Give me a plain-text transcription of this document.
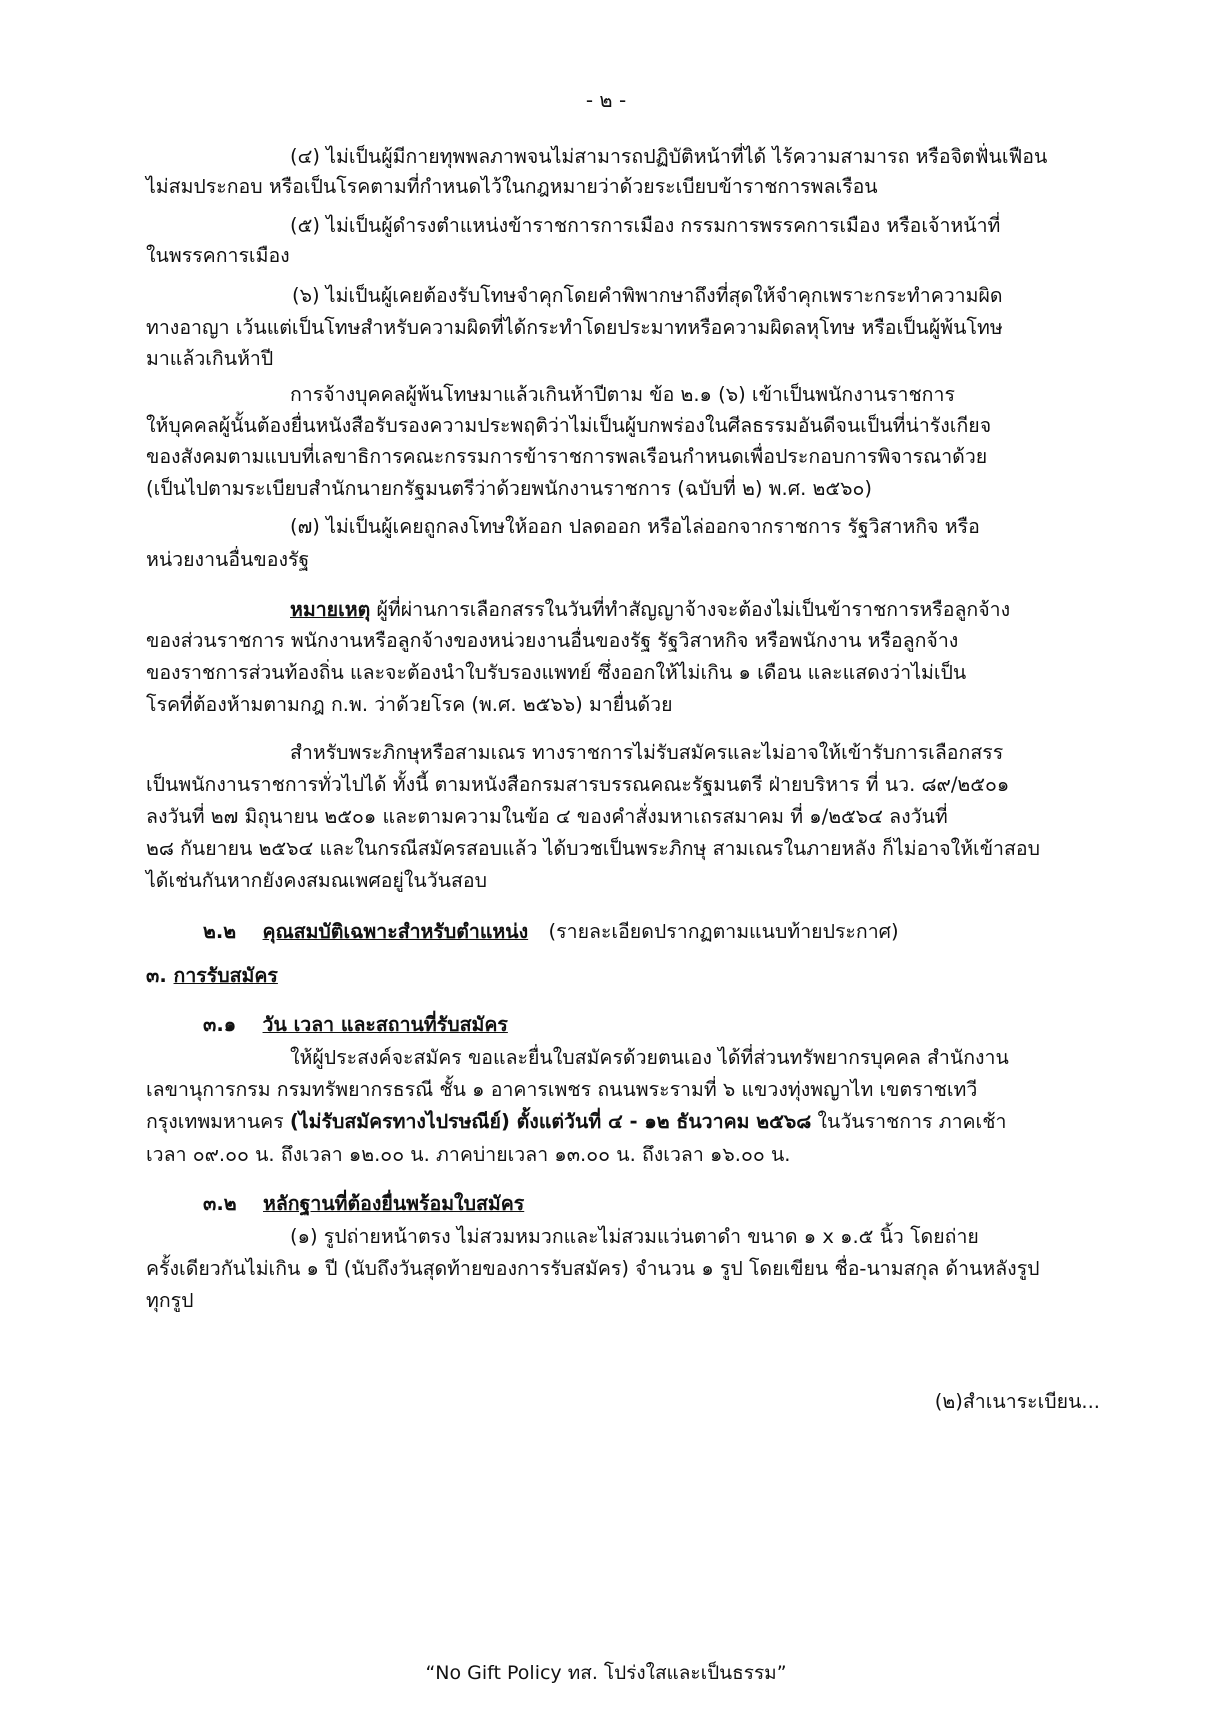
- ๒ -
(๔) ไม่เป็นผู้มีกายทุพพลภาพจนไม่สามารถปฏิบัติหน้าที่ได้ ไร้ความสามารถ หรือจิตฟั่นเฟือน
ไม่สมประกอบ หรือเป็นโรคตามที่กำหนดไว้ในกฎหมายว่าด้วยระเบียบข้าราชการพลเรือน
(๕) ไม่เป็นผู้ดำรงตำแหน่งข้าราชการการเมือง กรรมการพรรคการเมือง หรือเจ้าหน้าที่
ในพรรคการเมือง
(๖) ไม่เป็นผู้เคยต้องรับโทษจำคุกโดยคำพิพากษาถึงที่สุดให้จำคุกเพราะกระทำความผิด
ทางอาญา เว้นแต่เป็นโทษสำหรับความผิดที่ได้กระทำโดยประมาทหรือความผิดลหุโทษ หรือเป็นผู้พ้นโทษ
มาแล้วเกินห้าปี
การจ้างบุคคลผู้พ้นโทษมาแล้วเกินห้าปีตาม ข้อ ๒.๑ (๖) เข้าเป็นพนักงานราชการ
ให้บุคคลผู้นั้นต้องยื่นหนังสือรับรองความประพฤติว่าไม่เป็นผู้บกพร่องในศีลธรรมอันดีจนเป็นที่น่ารังเกียจ
ของสังคมตามแบบที่เลขาธิการคณะกรรมการข้าราชการพลเรือนกำหนดเพื่อประกอบการพิจารณาด้วย
(เป็นไปตามระเบียบสำนักนายกรัฐมนตรีว่าด้วยพนักงานราชการ (ฉบับที่ ๒) พ.ศ. ๒๕๖๐)
(๗) ไม่เป็นผู้เคยถูกลงโทษให้ออก ปลดออก หรือไล่ออกจากราชการ รัฐวิสาหกิจ หรือ
หน่วยงานอื่นของรัฐ
หมายเหตุ ผู้ที่ผ่านการเลือกสรรในวันที่ทำสัญญาจ้างจะต้องไม่เป็นข้าราชการหรือลูกจ้าง
ของส่วนราชการ พนักงานหรือลูกจ้างของหน่วยงานอื่นของรัฐ รัฐวิสาหกิจ หรือพนักงาน หรือลูกจ้าง
ของราชการส่วนท้องถิ่น และจะต้องนำใบรับรองแพทย์ ซึ่งออกให้ไม่เกิน ๑ เดือน และแสดงว่าไม่เป็น
โรคที่ต้องห้ามตามกฎ ก.พ. ว่าด้วยโรค (พ.ศ. ๒๕๖๖) มายื่นด้วย
สำหรับพระภิกษุหรือสามเณร ทางราชการไม่รับสมัครและไม่อาจให้เข้ารับการเลือกสรร
เป็นพนักงานราชการทั่วไปได้ ทั้งนี้ ตามหนังสือกรมสารบรรณคณะรัฐมนตรี ฝ่ายบริหาร ที่ นว. ๘๙/๒๕๐๑
ลงวันที่ ๒๗ มิถุนายน ๒๕๐๑ และตามความในข้อ ๔ ของคำสั่งมหาเถรสมาคม ที่ ๑/๒๕๖๔ ลงวันที่
๒๘ กันยายน ๒๕๖๔ และในกรณีสมัครสอบแล้ว ได้บวชเป็นพระภิกษุ สามเณรในภายหลัง ก็ไม่อาจให้เข้าสอบ
ได้เช่นกันหากยังคงสมณเพศอยู่ในวันสอบ
๒.๒ คุณสมบัติเฉพาะสำหรับตำแหน่ง (รายละเอียดปรากฏตามแนบท้ายประกาศ)
๓. การรับสมัคร
๓.๑ วัน เวลา และสถานที่รับสมัคร
ให้ผู้ประสงค์จะสมัคร ขอและยื่นใบสมัครด้วยตนเอง ได้ที่ส่วนทรัพยากรบุคคล สำนักงาน
เลขานุการกรม กรมทรัพยากรธรณี ชั้น ๑ อาคารเพชร ถนนพระรามที่ ๖ แขวงทุ่งพญาไท เขตราชเทวี
กรุงเทพมหานคร (ไม่รับสมัครทางไปรษณีย์) ตั้งแต่วันที่ ๔ - ๑๒ ธันวาคม ๒๕๖๘ ในวันราชการ ภาคเช้า
เวลา ๐๙.๐๐ น. ถึงเวลา ๑๒.๐๐ น. ภาคบ่ายเวลา ๑๓.๐๐ น. ถึงเวลา ๑๖.๐๐ น.
๓.๒ หลักฐานที่ต้องยื่นพร้อมใบสมัคร
(๑) รูปถ่ายหน้าตรง ไม่สวมหมวกและไม่สวมแว่นตาดำ ขนาด ๑ x ๑.๕ นิ้ว โดยถ่าย
ครั้งเดียวกันไม่เกิน ๑ ปี (นับถึงวันสุดท้ายของการรับสมัคร) จำนวน ๑ รูป โดยเขียน ชื่อ-นามสกุล ด้านหลังรูป
ทุกรูป
(๒)สำเนาระเบียน...
“No Gift Policy ทส. โปร่งใสและเป็นธรรม”
